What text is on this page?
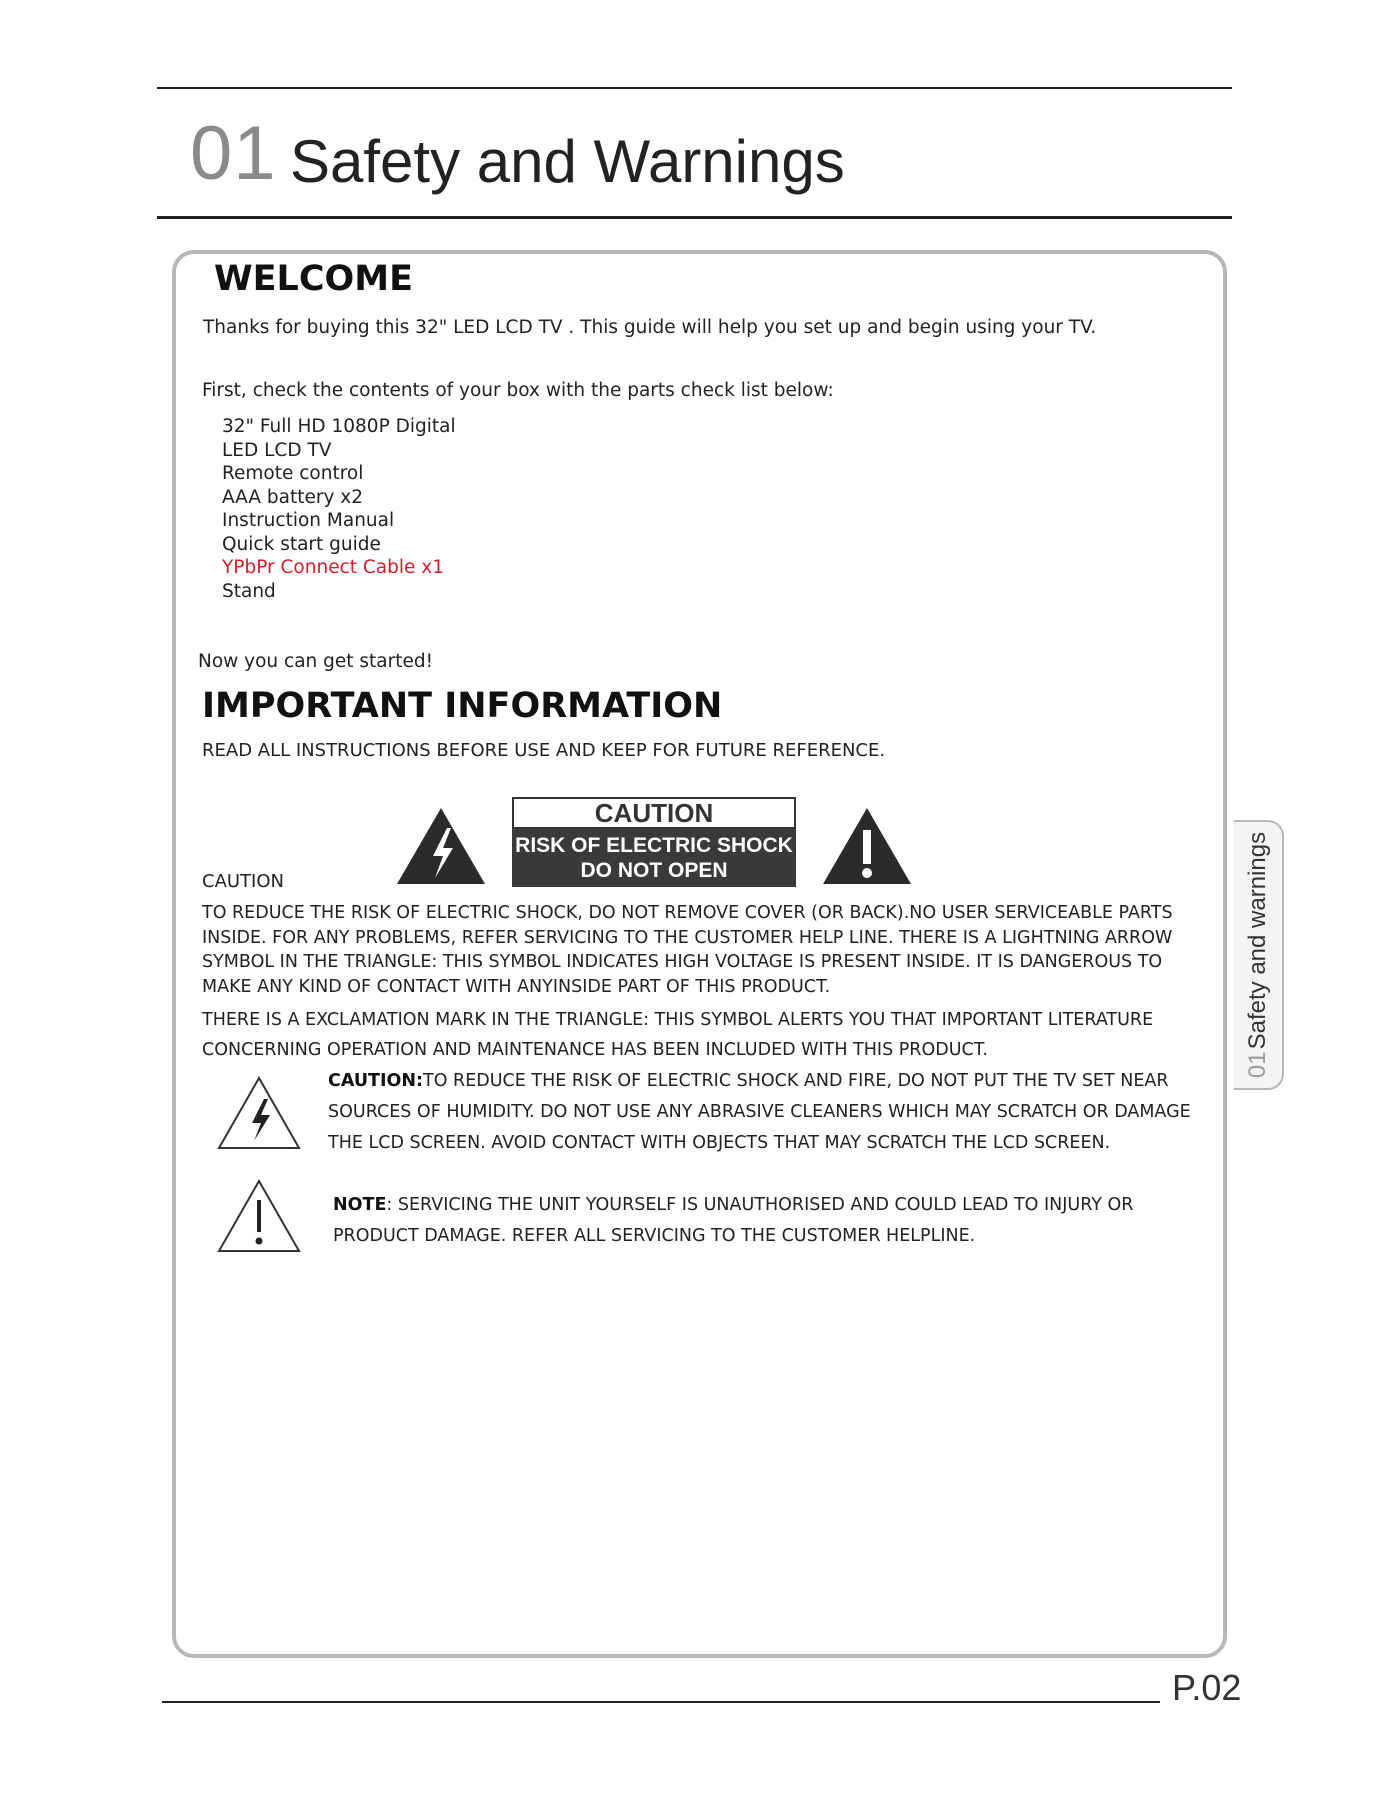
01 Safety and Warnings
01Safety and warnings
WELCOME
Thanks for buying this 32" LED LCD TV . This guide will help you set up and begin using your TV.
First, check the contents of your box with the parts check list below:
32" Full HD 1080P Digital
LED LCD TV
Remote control
AAA battery x2
Instruction Manual
Quick start guide
YPbPr Connect Cable x1
Stand
Now you can get started!
IMPORTANT INFORMATION
READ ALL INSTRUCTIONS BEFORE USE AND KEEP FOR FUTURE REFERENCE.
CAUTION
RISK OF ELECTRIC SHOCK
DO NOT OPEN
CAUTION
TO REDUCE THE RISK OF ELECTRIC SHOCK, DO NOT REMOVE COVER (OR BACK).NO USER SERVICEABLE PARTS INSIDE. FOR ANY PROBLEMS, REFER SERVICING TO THE CUSTOMER HELP LINE. THERE IS A LIGHTNING ARROW SYMBOL IN THE TRIANGLE: THIS SYMBOL INDICATES HIGH VOLTAGE IS PRESENT INSIDE. IT IS DANGEROUS TO MAKE ANY KIND OF CONTACT WITH ANYINSIDE PART OF THIS PRODUCT.
THERE IS A EXCLAMATION MARK IN THE TRIANGLE: THIS SYMBOL ALERTS YOU THAT IMPORTANT LITERATURE CONCERNING OPERATION AND MAINTENANCE HAS BEEN INCLUDED WITH THIS PRODUCT.
CAUTION:TO REDUCE THE RISK OF ELECTRIC SHOCK AND FIRE, DO NOT PUT THE TV SET NEAR SOURCES OF HUMIDITY. DO NOT USE ANY ABRASIVE CLEANERS WHICH MAY SCRATCH OR DAMAGE THE LCD SCREEN. AVOID CONTACT WITH OBJECTS THAT MAY SCRATCH THE LCD SCREEN.
NOTE: SERVICING THE UNIT YOURSELF IS UNAUTHORISED AND COULD LEAD TO INJURY OR PRODUCT DAMAGE. REFER ALL SERVICING TO THE CUSTOMER HELPLINE.
P.02
